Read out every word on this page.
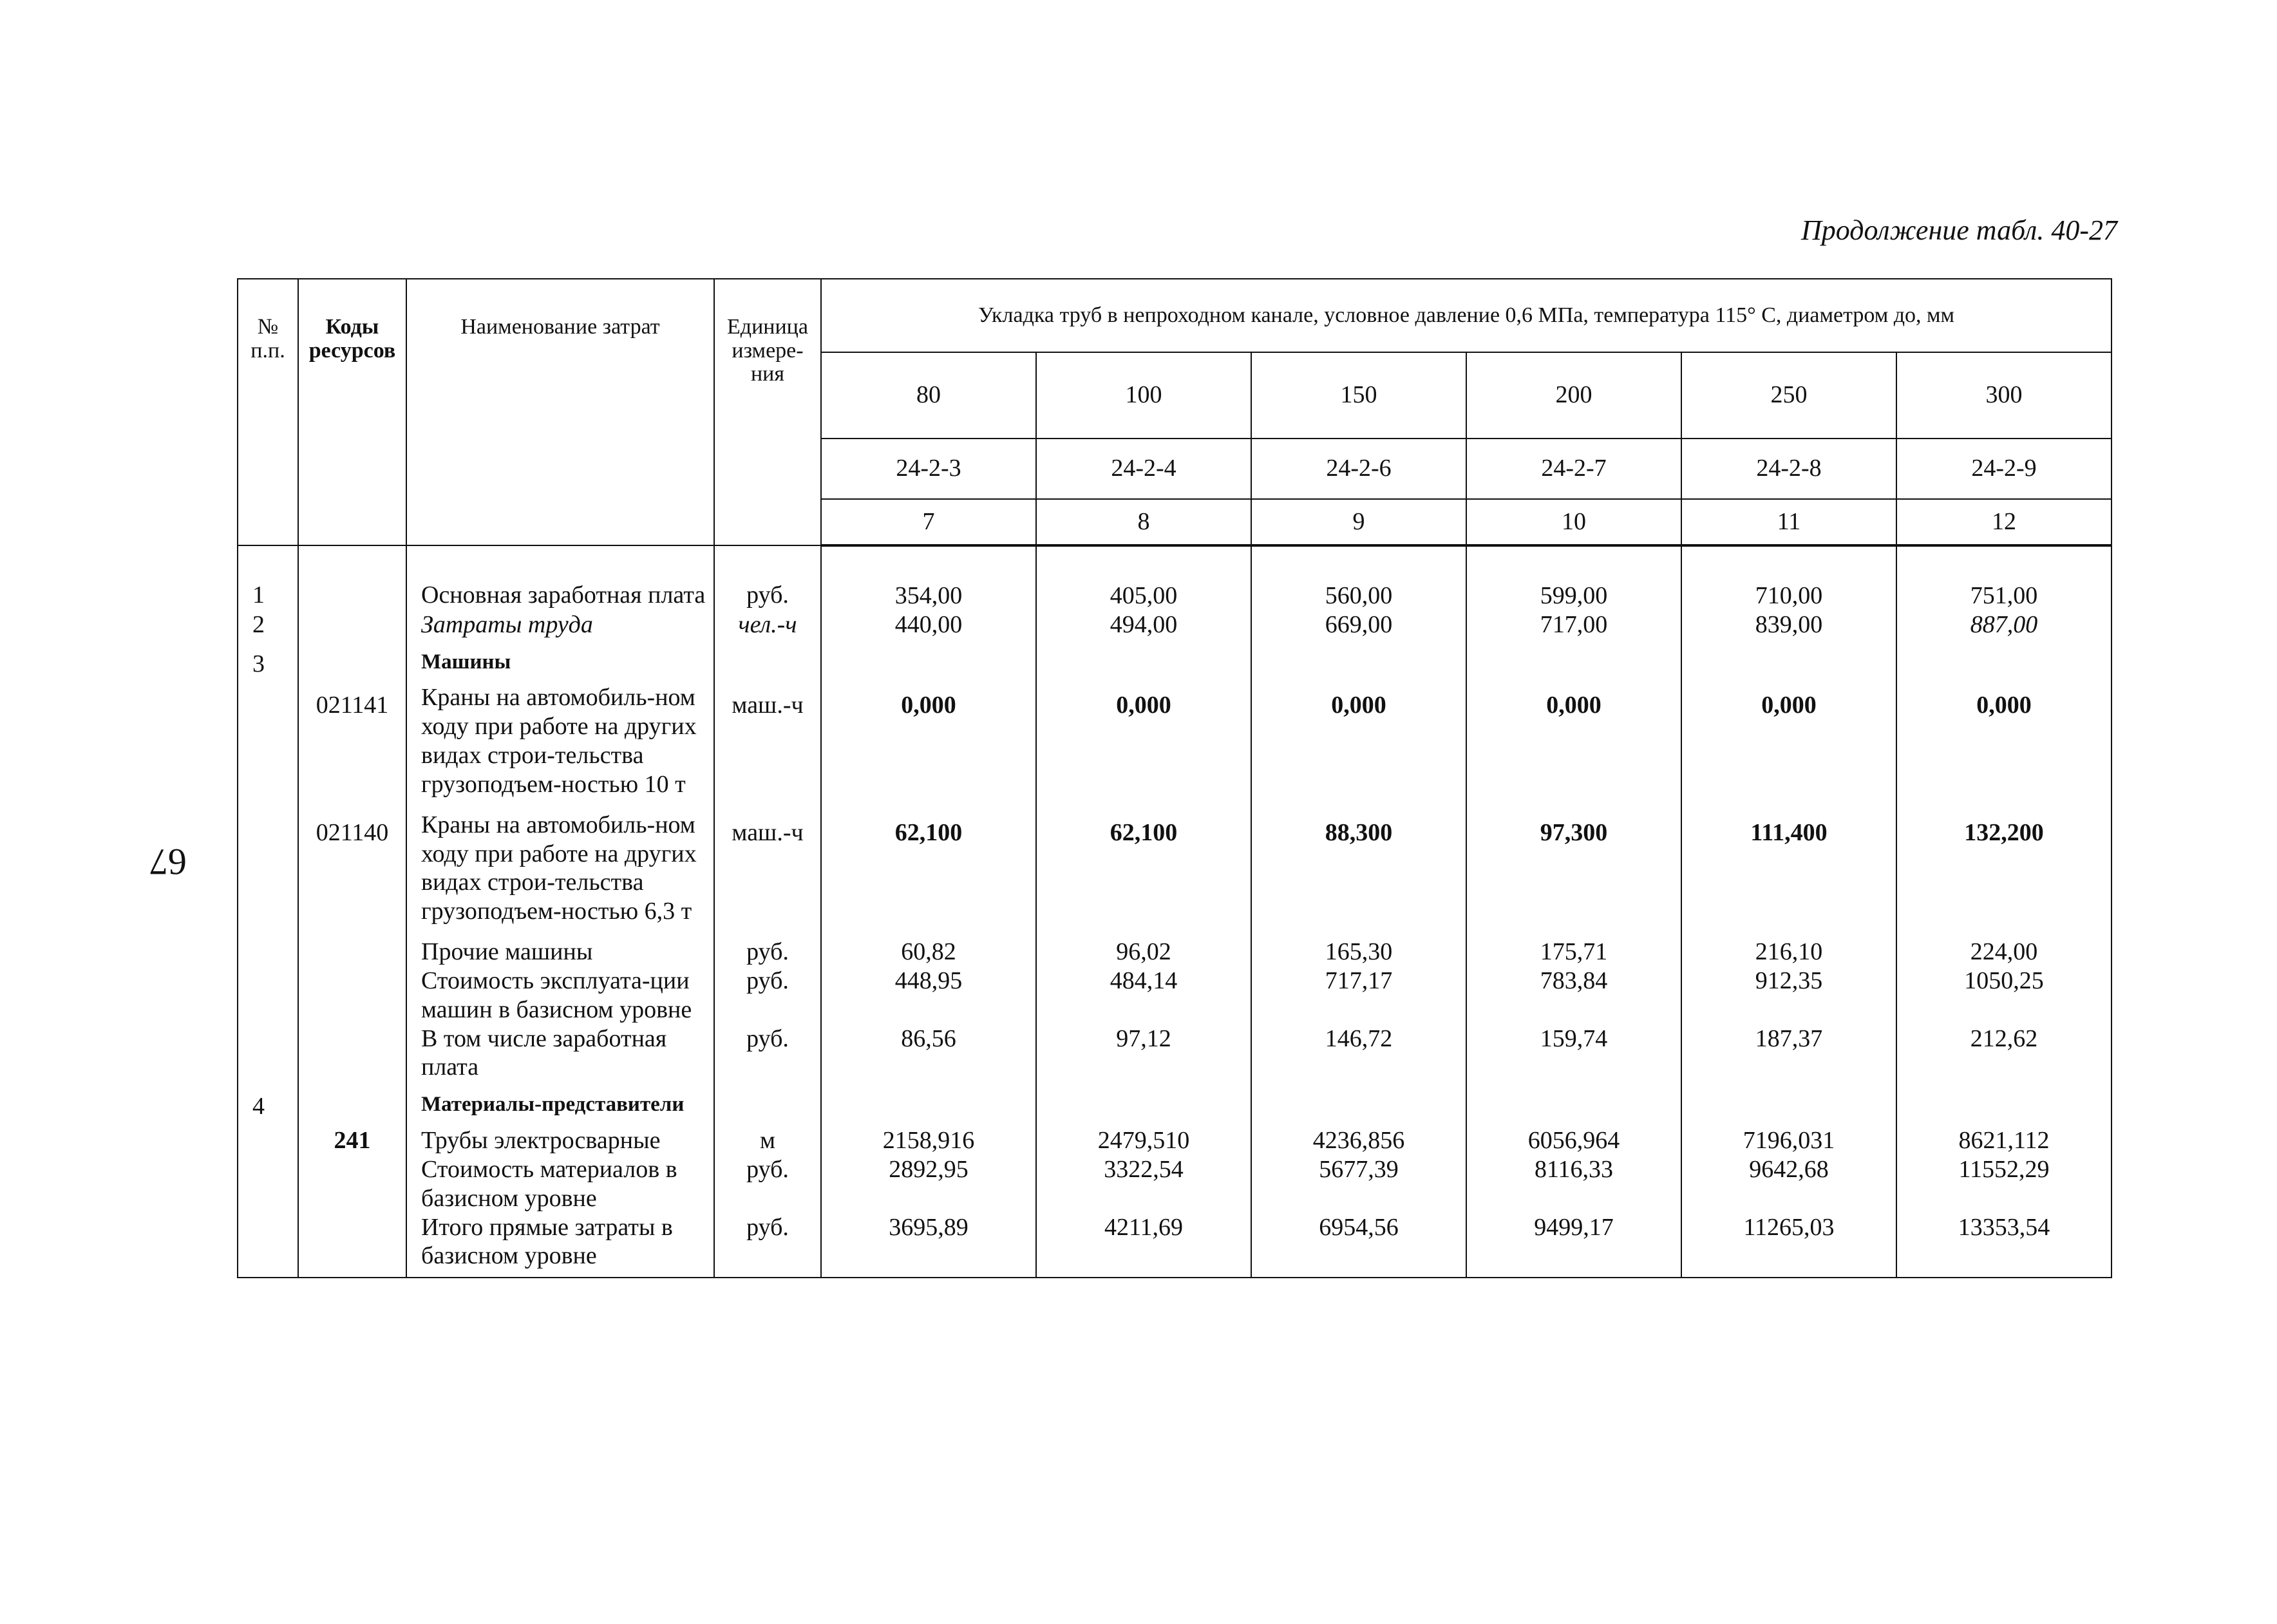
Продолжение табл. 40-27
67
№ п.п.	Коды ресурсов	Наименование затрат	Единица измере-ния	Укладка труб в непроходном канале, условное давление 0,6 МПа, температура 115° С, диаметром до, мм					
				80	100	150	200	250	300
				24-2-3	24-2-4	24-2-6	24-2-7	24-2-8	24-2-9
				7	8	9	10	11	12
1		Основная заработная плата	руб.	354,00	405,00	560,00	599,00	710,00	751,00
2		Затраты труда	чел.-ч	440,00	494,00	669,00	717,00	839,00	887,00
3		Машины							
	021141	Краны на автомобиль-ном ходу при работе на других видах строи-тельства грузоподъем-ностью 10 т	маш.-ч	0,000	0,000	0,000	0,000	0,000	0,000
	021140	Краны на автомобиль-ном ходу при работе на других видах строи-тельства грузоподъем-ностью 6,3 т	маш.-ч	62,100	62,100	88,300	97,300	111,400	132,200
		Прочие машины	руб.	60,82	96,02	165,30	175,71	216,10	224,00
		Стоимость эксплуата-ции машин в базисном уровне	руб.	448,95	484,14	717,17	783,84	912,35	1050,25
		В том числе заработная плата	руб.	86,56	97,12	146,72	159,74	187,37	212,62
4		Материалы-представители							
	241	Трубы электросварные	м	2158,916	2479,510	4236,856	6056,964	7196,031	8621,112
		Стоимость материалов в базисном уровне	руб.	2892,95	3322,54	5677,39	8116,33	9642,68	11552,29
		Итого прямые затраты в базисном уровне	руб.	3695,89	4211,69	6954,56	9499,17	11265,03	13353,54
